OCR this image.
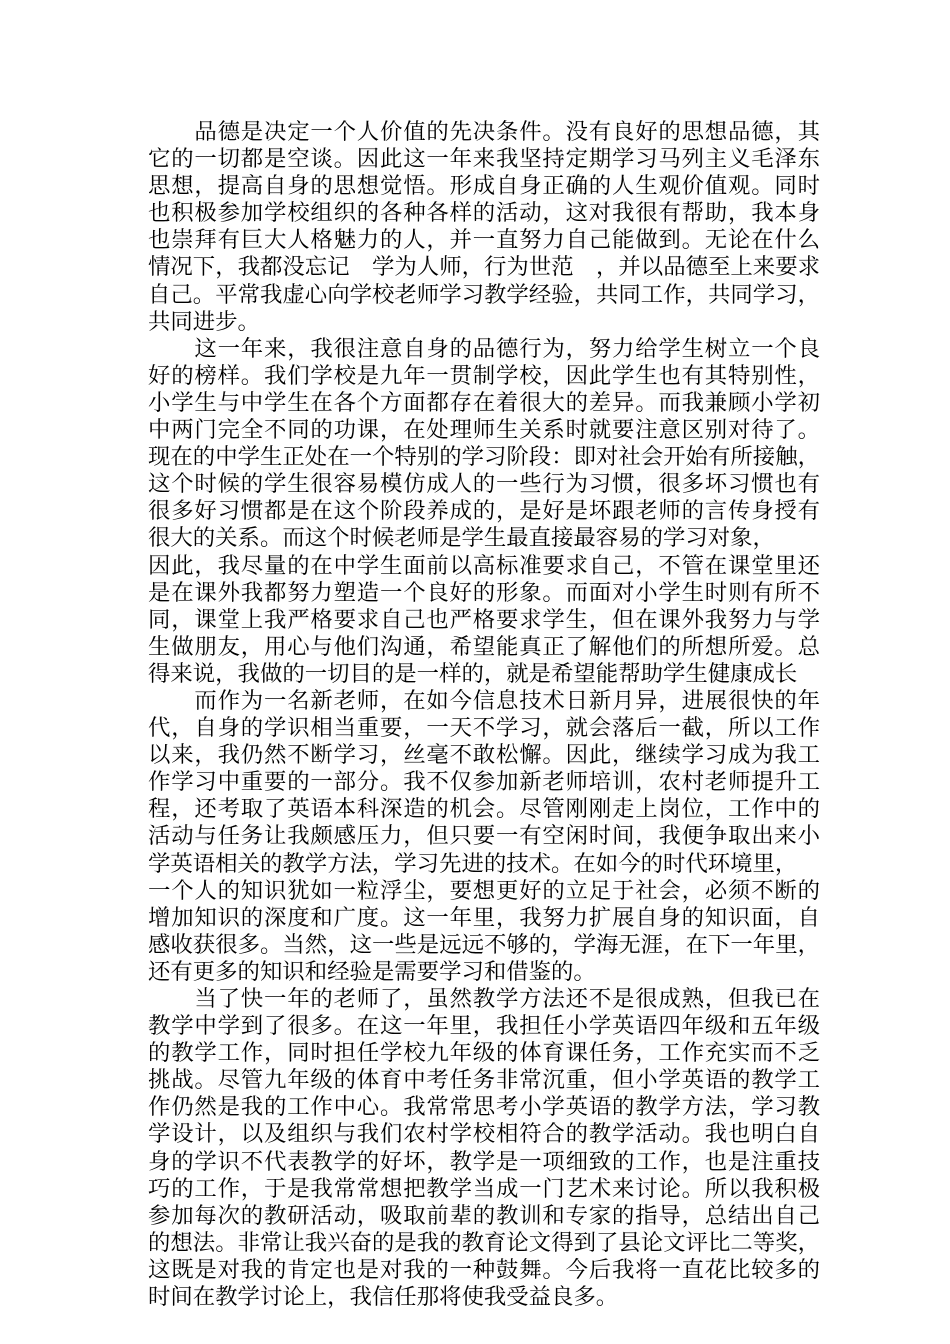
　　品德是决定一个人价值的先决条件。没有良好的思想品德，其
它的一切都是空谈。因此这一年来我坚持定期学习马列主义毛泽东
思想，提高自身的思想觉悟。形成自身正确的人生观价值观。同时
也积极参加学校组织的各种各样的活动，这对我很有帮助，我本身
也崇拜有巨大人格魅力的人，并一直努力自己能做到。无论在什么
情况下，我都没忘记　学为人师，行为世范　，并以品德至上来要求
自己。平常我虚心向学校老师学习教学经验，共同工作，共同学习，
共同进步。
　　这一年来，我很注意自身的品德行为，努力给学生树立一个良
好的榜样。我们学校是九年一贯制学校，因此学生也有其特别性，
小学生与中学生在各个方面都存在着很大的差异。而我兼顾小学初
中两门完全不同的功课，在处理师生关系时就要注意区别对待了。
现在的中学生正处在一个特别的学习阶段：即对社会开始有所接触，
这个时候的学生很容易模仿成人的一些行为习惯，很多坏习惯也有
很多好习惯都是在这个阶段养成的，是好是坏跟老师的言传身授有
很大的关系。而这个时候老师是学生最直接最容易的学习对象，
因此，我尽量的在中学生面前以高标准要求自己，不管在课堂里还
是在课外我都努力塑造一个良好的形象。而面对小学生时则有所不
同，课堂上我严格要求自己也严格要求学生，但在课外我努力与学
生做朋友，用心与他们沟通，希望能真正了解他们的所想所爱。总
得来说，我做的一切目的是一样的，就是希望能帮助学生健康成长
　　而作为一名新老师，在如今信息技术日新月异，进展很快的年
代，自身的学识相当重要，一天不学习，就会落后一截，所以工作
以来，我仍然不断学习，丝毫不敢松懈。因此，继续学习成为我工
作学习中重要的一部分。我不仅参加新老师培训，农村老师提升工
程，还考取了英语本科深造的机会。尽管刚刚走上岗位，工作中的
活动与任务让我颇感压力，但只要一有空闲时间，我便争取出来小
学英语相关的教学方法，学习先进的技术。在如今的时代环境里，
一个人的知识犹如一粒浮尘，要想更好的立足于社会，必须不断的
增加知识的深度和广度。这一年里，我努力扩展自身的知识面，自
感收获很多。当然，这一些是远远不够的，学海无涯，在下一年里，
还有更多的知识和经验是需要学习和借鉴的。
　　当了快一年的老师了，虽然教学方法还不是很成熟，但我已在
教学中学到了很多。在这一年里，我担任小学英语四年级和五年级
的教学工作，同时担任学校九年级的体育课任务，工作充实而不乏
挑战。尽管九年级的体育中考任务非常沉重，但小学英语的教学工
作仍然是我的工作中心。我常常思考小学英语的教学方法，学习教
学设计，以及组织与我们农村学校相符合的教学活动。我也明白自
身的学识不代表教学的好坏，教学是一项细致的工作，也是注重技
巧的工作，于是我常常想把教学当成一门艺术来讨论。所以我积极
参加每次的教研活动，吸取前辈的教训和专家的指导，总结出自己
的想法。非常让我兴奋的是我的教育论文得到了县论文评比二等奖，
这既是对我的肯定也是对我的一种鼓舞。今后我将一直花比较多的
时间在教学讨论上，我信任那将使我受益良多。
